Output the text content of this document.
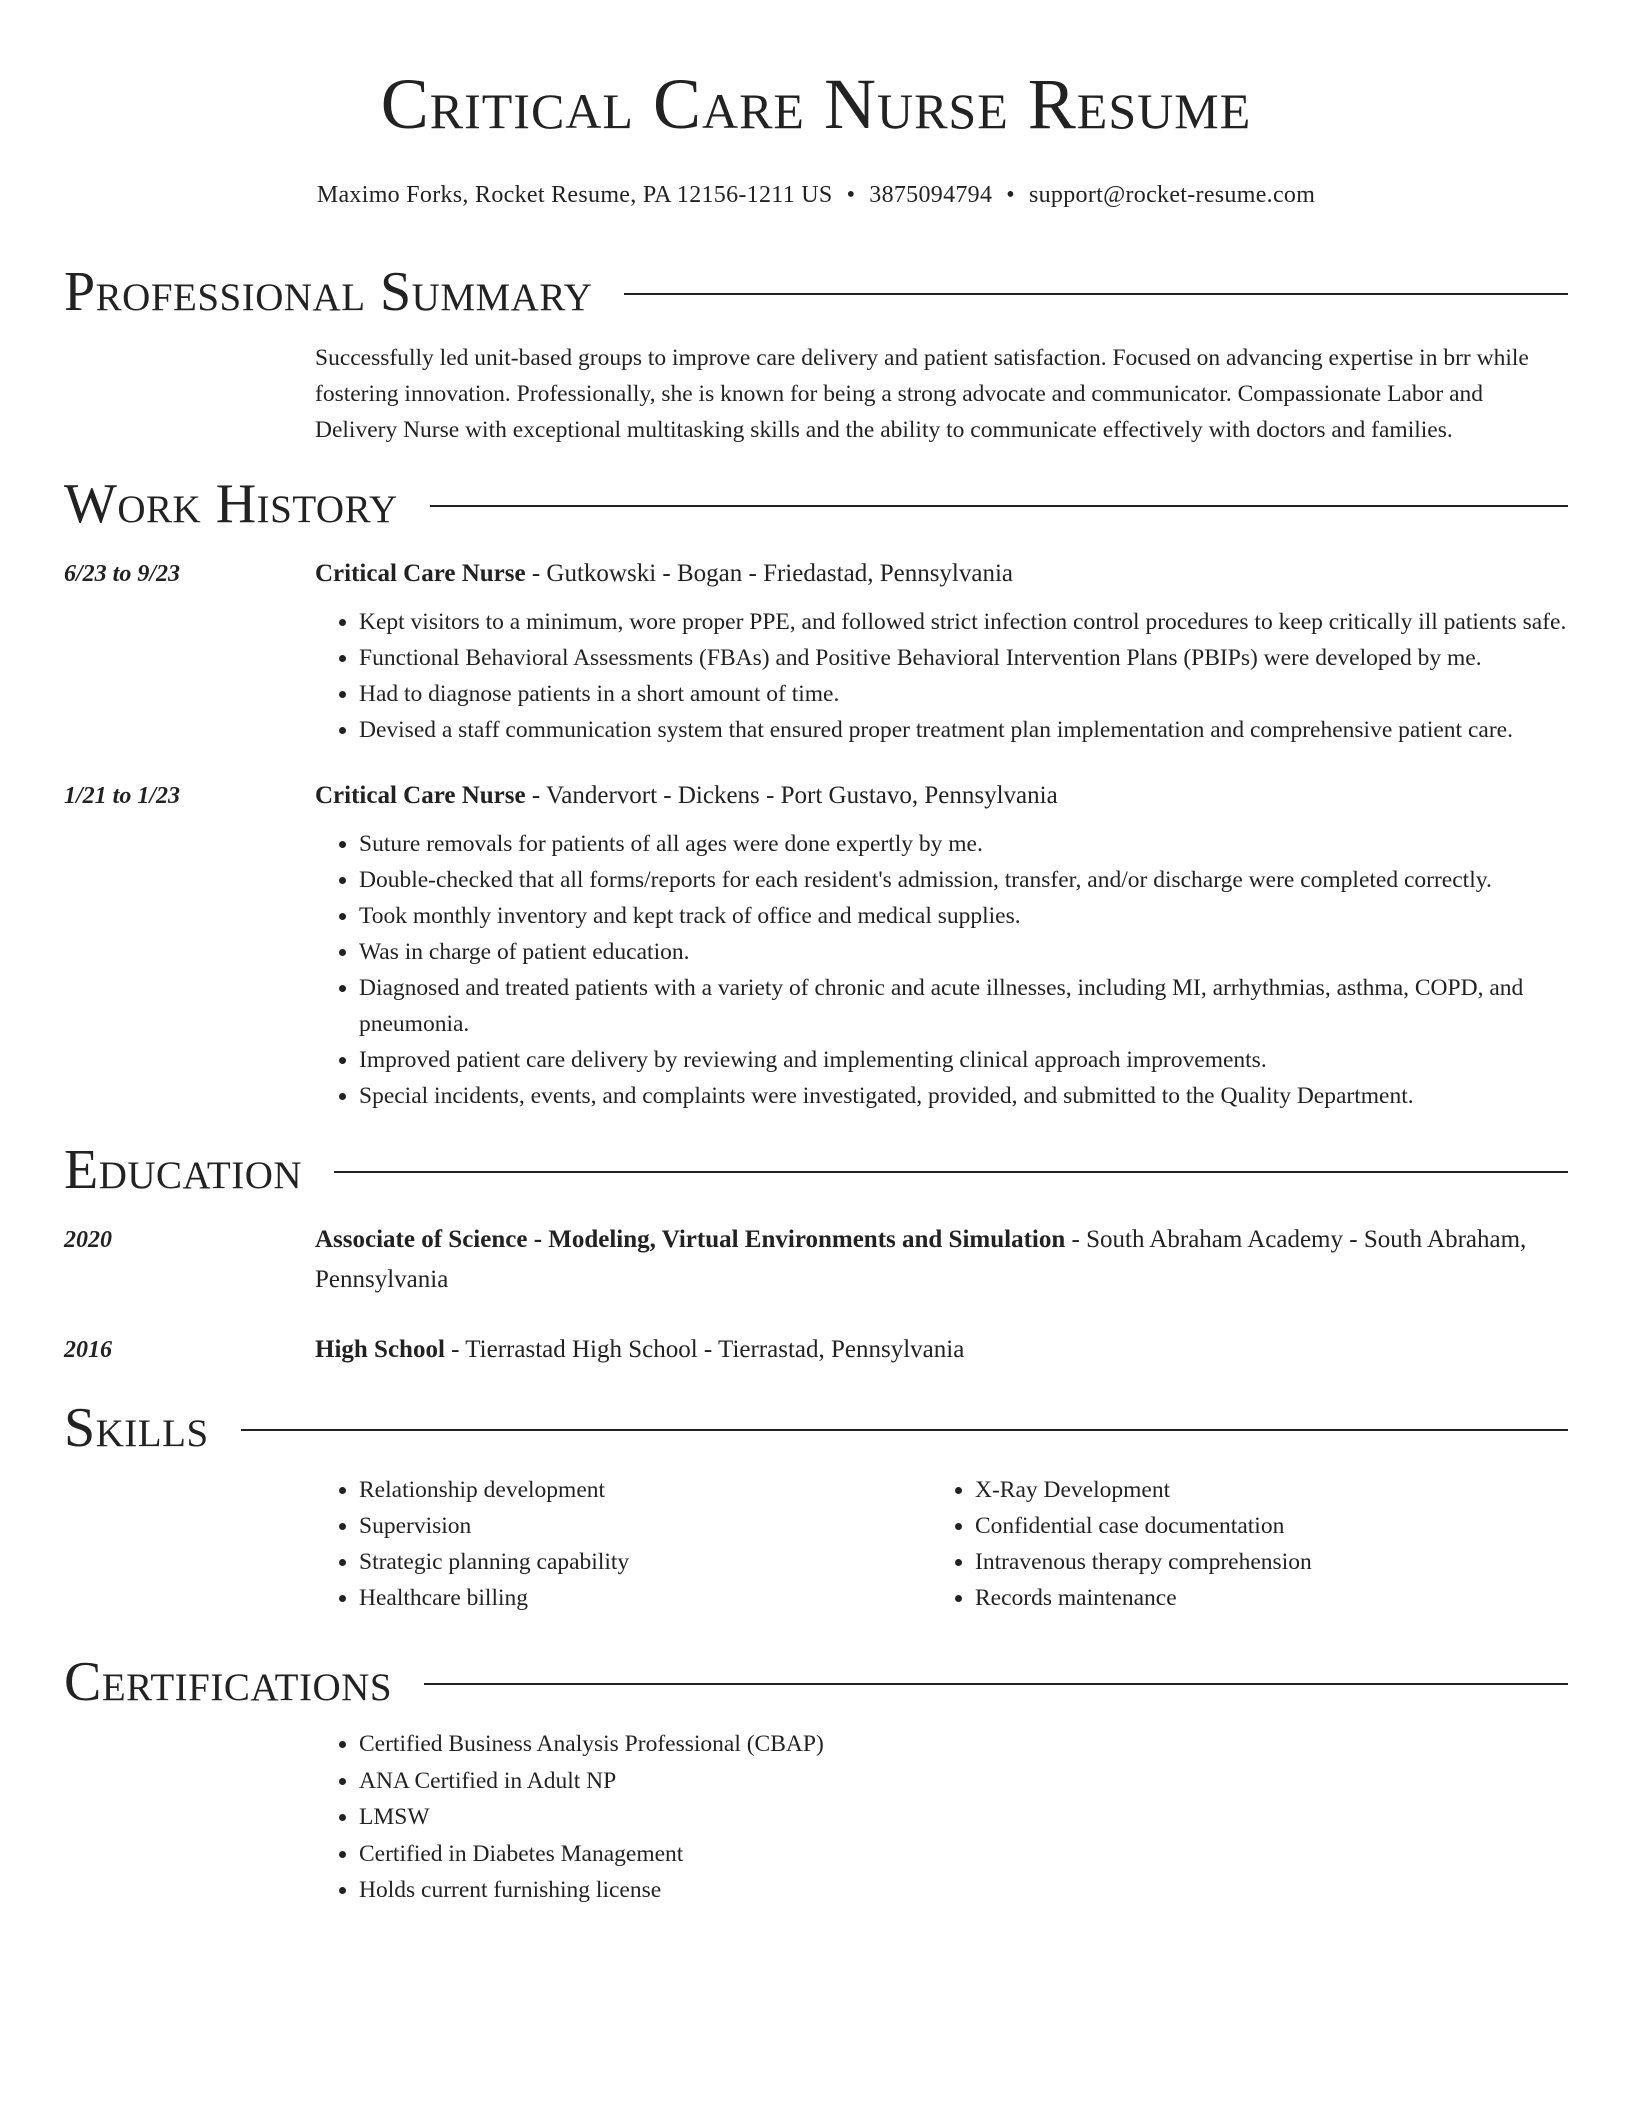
Critical Care Nurse Resume
Maximo Forks, Rocket Resume, PA 12156-1211 US • 3875094794 • support@rocket-resume.com
Professional Summary
Successfully led unit-based groups to improve care delivery and patient satisfaction. Focused on advancing expertise in brr while fostering innovation. Professionally, she is known for being a strong advocate and communicator. Compassionate Labor and Delivery Nurse with exceptional multitasking skills and the ability to communicate effectively with doctors and families.
Work History
6/23 to 9/23	Critical Care Nurse - Gutkowski - Bogan - Friedastad, Pennsylvania
• Kept visitors to a minimum, wore proper PPE, and followed strict infection control procedures to keep critically ill patients safe.
• Functional Behavioral Assessments (FBAs) and Positive Behavioral Intervention Plans (PBIPs) were developed by me.
• Had to diagnose patients in a short amount of time.
• Devised a staff communication system that ensured proper treatment plan implementation and comprehensive patient care.
1/21 to 1/23	Critical Care Nurse - Vandervort - Dickens - Port Gustavo, Pennsylvania
• Suture removals for patients of all ages were done expertly by me.
• Double-checked that all forms/reports for each resident's admission, transfer, and/or discharge were completed correctly.
• Took monthly inventory and kept track of office and medical supplies.
• Was in charge of patient education.
• Diagnosed and treated patients with a variety of chronic and acute illnesses, including MI, arrhythmias, asthma, COPD, and pneumonia.
• Improved patient care delivery by reviewing and implementing clinical approach improvements.
• Special incidents, events, and complaints were investigated, provided, and submitted to the Quality Department.
Education
2020	Associate of Science - Modeling, Virtual Environments and Simulation - South Abraham Academy - South Abraham, Pennsylvania
2016	High School - Tierrastad High School - Tierrastad, Pennsylvania
Skills
• Relationship development
• Supervision
• Strategic planning capability
• Healthcare billing
• X-Ray Development
• Confidential case documentation
• Intravenous therapy comprehension
• Records maintenance
Certifications
• Certified Business Analysis Professional (CBAP)
• ANA Certified in Adult NP
• LMSW
• Certified in Diabetes Management
• Holds current furnishing license
